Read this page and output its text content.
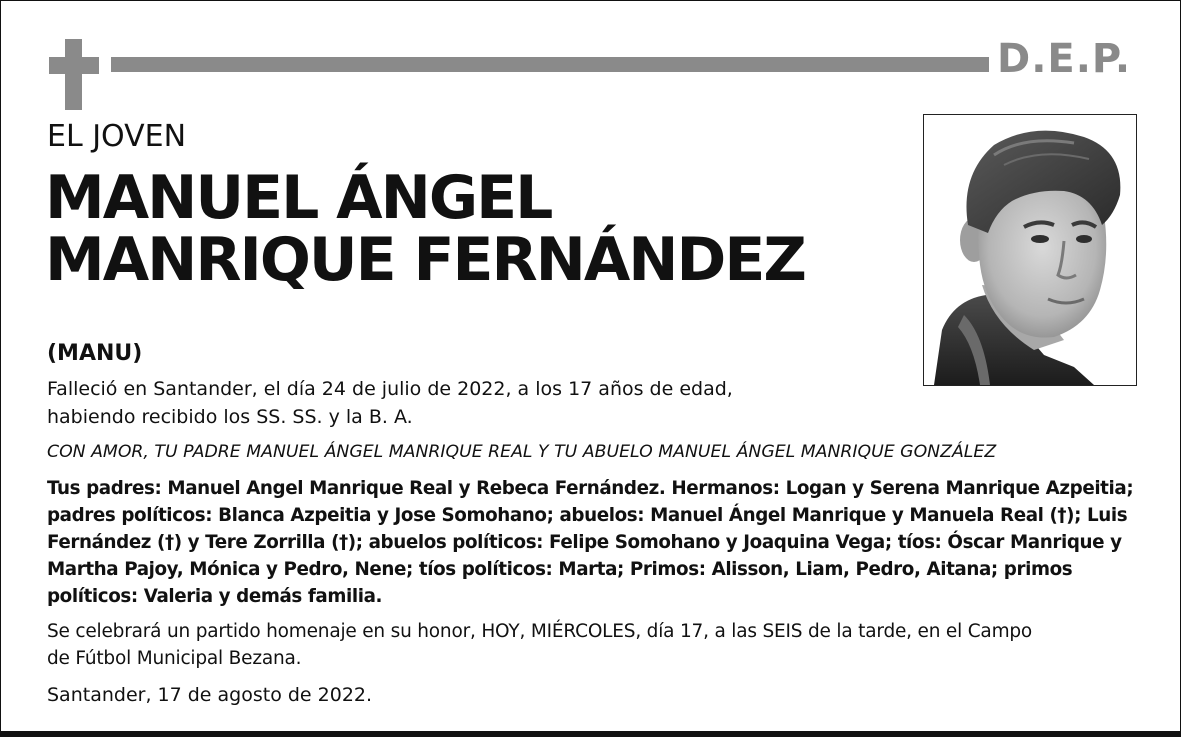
D.E.P.
EL JOVEN
MANUEL ÁNGEL
MANRIQUE FERNÁNDEZ
(MANU)
Falleció en Santander, el día 24 de julio de 2022, a los 17 años de edad,
habiendo recibido los SS. SS. y la B. A.
CON AMOR, TU PADRE MANUEL ÁNGEL MANRIQUE REAL Y TU ABUELO MANUEL ÁNGEL MANRIQUE GONZÁLEZ
Tus padres: Manuel Angel Manrique Real y Rebeca Fernández. Hermanos: Logan y Serena Manrique Azpeitia;
padres políticos: Blanca Azpeitia y Jose Somohano; abuelos: Manuel Ángel Manrique y Manuela Real (†); Luis
Fernández (†) y Tere Zorrilla (†); abuelos políticos: Felipe Somohano y Joaquina Vega; tíos: Óscar Manrique y
Martha Pajoy, Mónica y Pedro, Nene; tíos políticos: Marta; Primos: Alisson, Liam, Pedro, Aitana; primos
políticos: Valeria y demás familia.
Se celebrará un partido homenaje en su honor, HOY, MIÉRCOLES, día 17, a las SEIS de la tarde, en el Campo
de Fútbol Municipal Bezana.
Santander, 17 de agosto de 2022.
